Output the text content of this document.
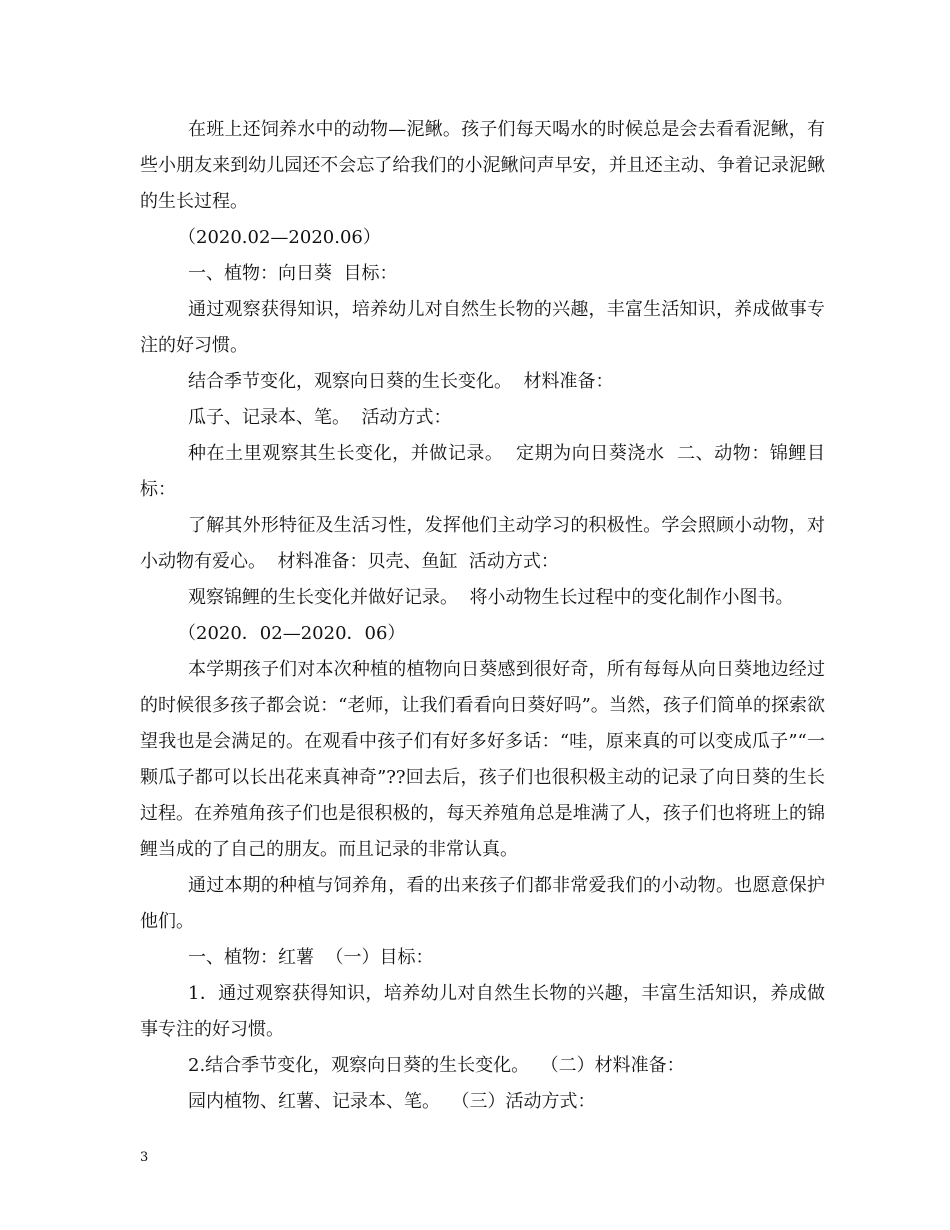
在班上还饲养水中的动物—泥鳅。孩子们每天喝水的时候总是会去看看泥鳅，有些小朋友来到幼儿园还不会忘了给我们的小泥鳅问声早安，并且还主动、争着记录泥鳅的生长过程。

（2020.02—2020.06）

一、植物：向日葵  目标：

通过观察获得知识，培养幼儿对自然生长物的兴趣，丰富生活知识，养成做事专注的好习惯。

结合季节变化，观察向日葵的生长变化。  材料准备：

瓜子、记录本、笔。  活动方式：

种在土里观察其生长变化，并做记录。  定期为向日葵浇水  二、动物：锦鲤目标：

了解其外形特征及生活习性，发挥他们主动学习的积极性。学会照顾小动物，对小动物有爱心。  材料准备：贝壳、鱼缸  活动方式：

观察锦鲤的生长变化并做好记录。  将小动物生长过程中的变化制作小图书。

（2020．02—2020．06）

本学期孩子们对本次种植的植物向日葵感到很好奇，所有每每从向日葵地边经过的时候很多孩子都会说：“老师，让我们看看向日葵好吗”。当然，孩子们简单的探索欲望我也是会满足的。在观看中孩子们有好多好多话：“哇，原来真的可以变成瓜子”“一颗瓜子都可以长出花来真神奇”??回去后，孩子们也很积极主动的记录了向日葵的生长过程。在养殖角孩子们也是很积极的，每天养殖角总是堆满了人，孩子们也将班上的锦鲤当成的了自己的朋友。而且记录的非常认真。

通过本期的种植与饲养角，看的出来孩子们都非常爱我们的小动物。也愿意保护他们。

一、植物：红薯  （一）目标：

1．通过观察获得知识，培养幼儿对自然生长物的兴趣，丰富生活知识，养成做事专注的好习惯。

2.结合季节变化，观察向日葵的生长变化。  （二）材料准备：

园内植物、红薯、记录本、笔。  （三）活动方式：

3
